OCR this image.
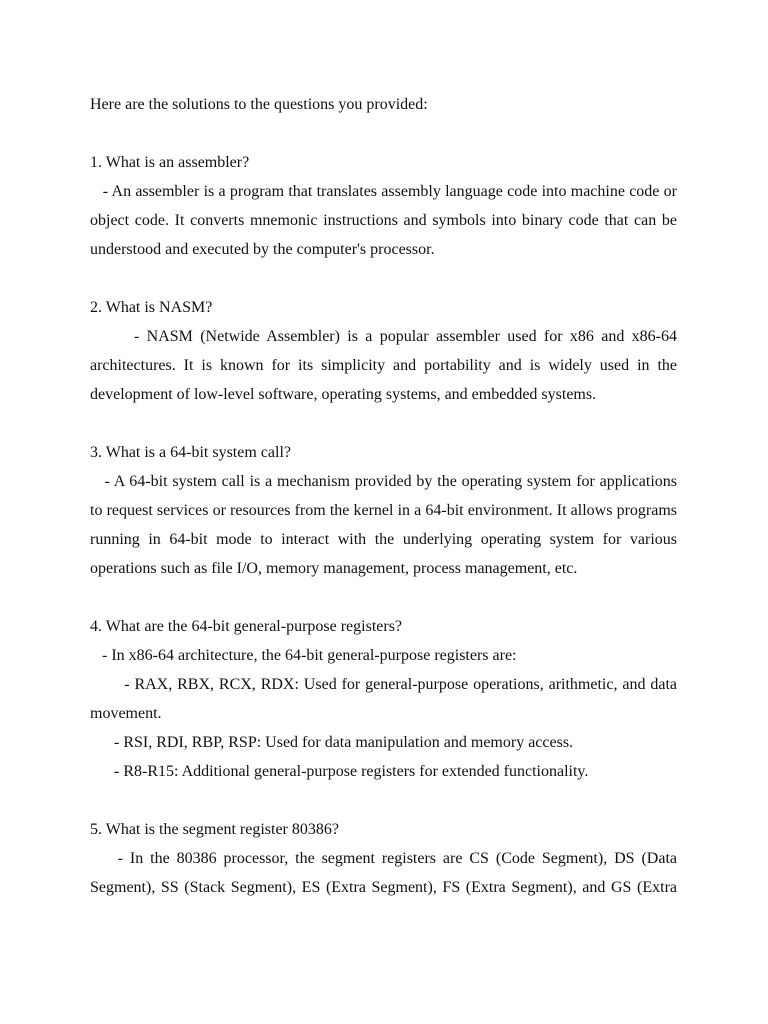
Here are the solutions to the questions you provided:

1. What is an assembler?

- An assembler is a program that translates assembly language code into machine code or object code. It converts mnemonic instructions and symbols into binary code that can be understood and executed by the computer's processor.

2. What is NASM?

- NASM (Netwide Assembler) is a popular assembler used for x86 and x86-64 architectures. It is known for its simplicity and portability and is widely used in the development of low-level software, operating systems, and embedded systems.

3. What is a 64-bit system call?

- A 64-bit system call is a mechanism provided by the operating system for applications to request services or resources from the kernel in a 64-bit environment. It allows programs running in 64-bit mode to interact with the underlying operating system for various operations such as file I/O, memory management, process management, etc.

4. What are the 64-bit general-purpose registers?

- In x86-64 architecture, the 64-bit general-purpose registers are:

- RAX, RBX, RCX, RDX: Used for general-purpose operations, arithmetic, and data movement.

- RSI, RDI, RBP, RSP: Used for data manipulation and memory access.

- R8-R15: Additional general-purpose registers for extended functionality.

5. What is the segment register 80386?

- In the 80386 processor, the segment registers are CS (Code Segment), DS (Data Segment), SS (Stack Segment), ES (Extra Segment), FS (Extra Segment), and GS (Extra
